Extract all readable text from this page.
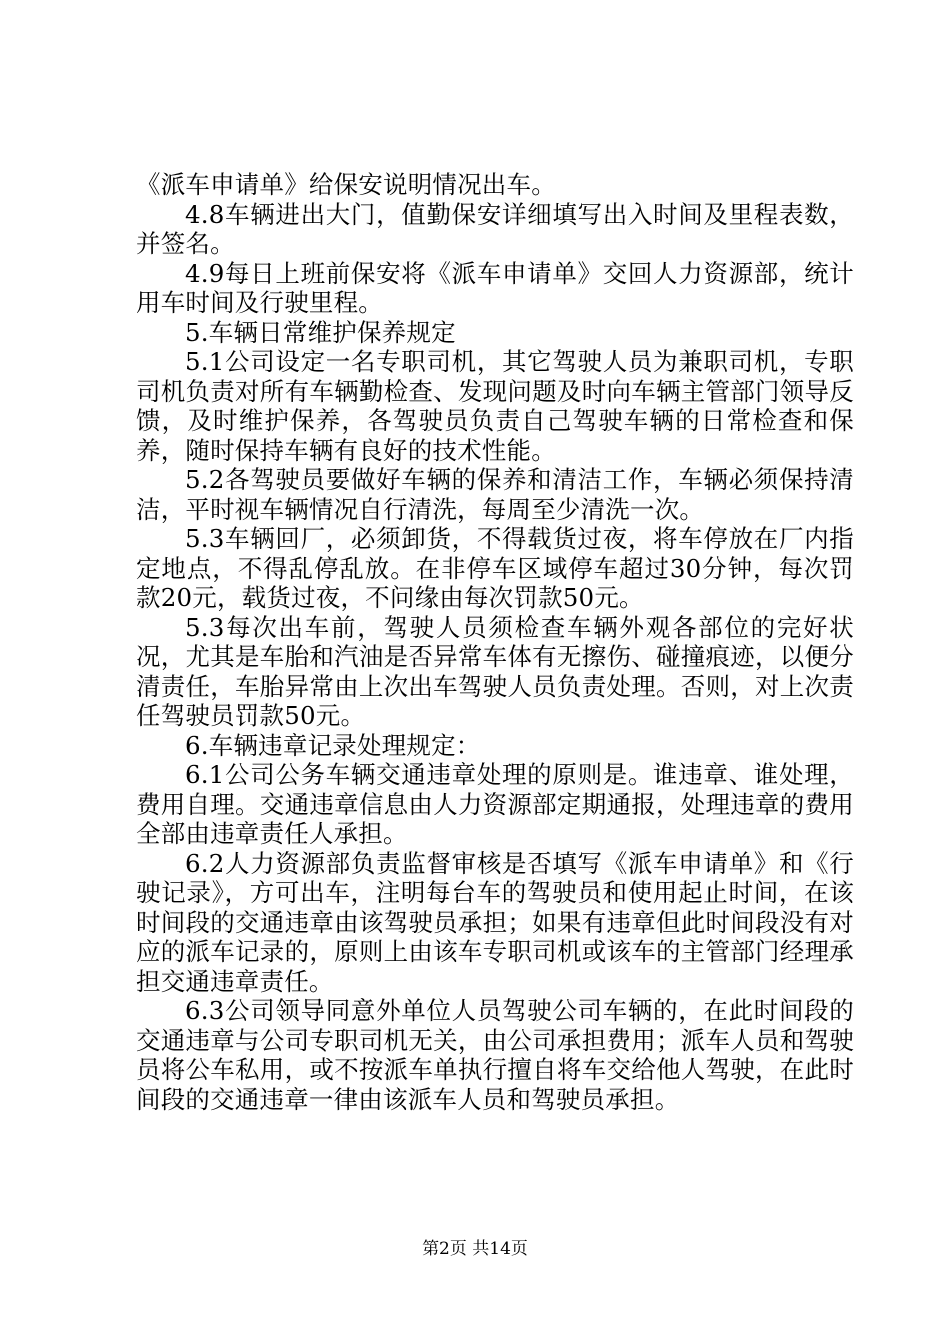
《派车申请单》给保安说明情况出车。

4.8车辆进出大门，值勤保安详细填写出入时间及里程表数，并签名。

4.9每日上班前保安将《派车申请单》交回人力资源部，统计用车时间及行驶里程。

5.车辆日常维护保养规定

5.1公司设定一名专职司机，其它驾驶人员为兼职司机，专职司机负责对所有车辆勤检查、发现问题及时向车辆主管部门领导反馈，及时维护保养，各驾驶员负责自己驾驶车辆的日常检查和保养，随时保持车辆有良好的技术性能。

5.2各驾驶员要做好车辆的保养和清洁工作，车辆必须保持清洁，平时视车辆情况自行清洗，每周至少清洗一次。

5.3车辆回厂，必须卸货，不得载货过夜，将车停放在厂内指定地点，不得乱停乱放。在非停车区域停车超过30分钟，每次罚款20元，载货过夜，不问缘由每次罚款50元。

5.3每次出车前，驾驶人员须检查车辆外观各部位的完好状况，尤其是车胎和汽油是否异常车体有无擦伤、碰撞痕迹，以便分清责任，车胎异常由上次出车驾驶人员负责处理。否则，对上次责任驾驶员罚款50元。

6.车辆违章记录处理规定：

6.1公司公务车辆交通违章处理的原则是。谁违章、谁处理，费用自理。交通违章信息由人力资源部定期通报，处理违章的费用全部由违章责任人承担。

6.2人力资源部负责监督审核是否填写《派车申请单》和《行驶记录》，方可出车，注明每台车的驾驶员和使用起止时间，在该时间段的交通违章由该驾驶员承担；如果有违章但此时间段没有对应的派车记录的，原则上由该车专职司机或该车的主管部门经理承担交通违章责任。

6.3公司领导同意外单位人员驾驶公司车辆的，在此时间段的交通违章与公司专职司机无关，由公司承担费用；派车人员和驾驶员将公车私用，或不按派车单执行擅自将车交给他人驾驶，在此时间段的交通违章一律由该派车人员和驾驶员承担。

第2页 共14页
